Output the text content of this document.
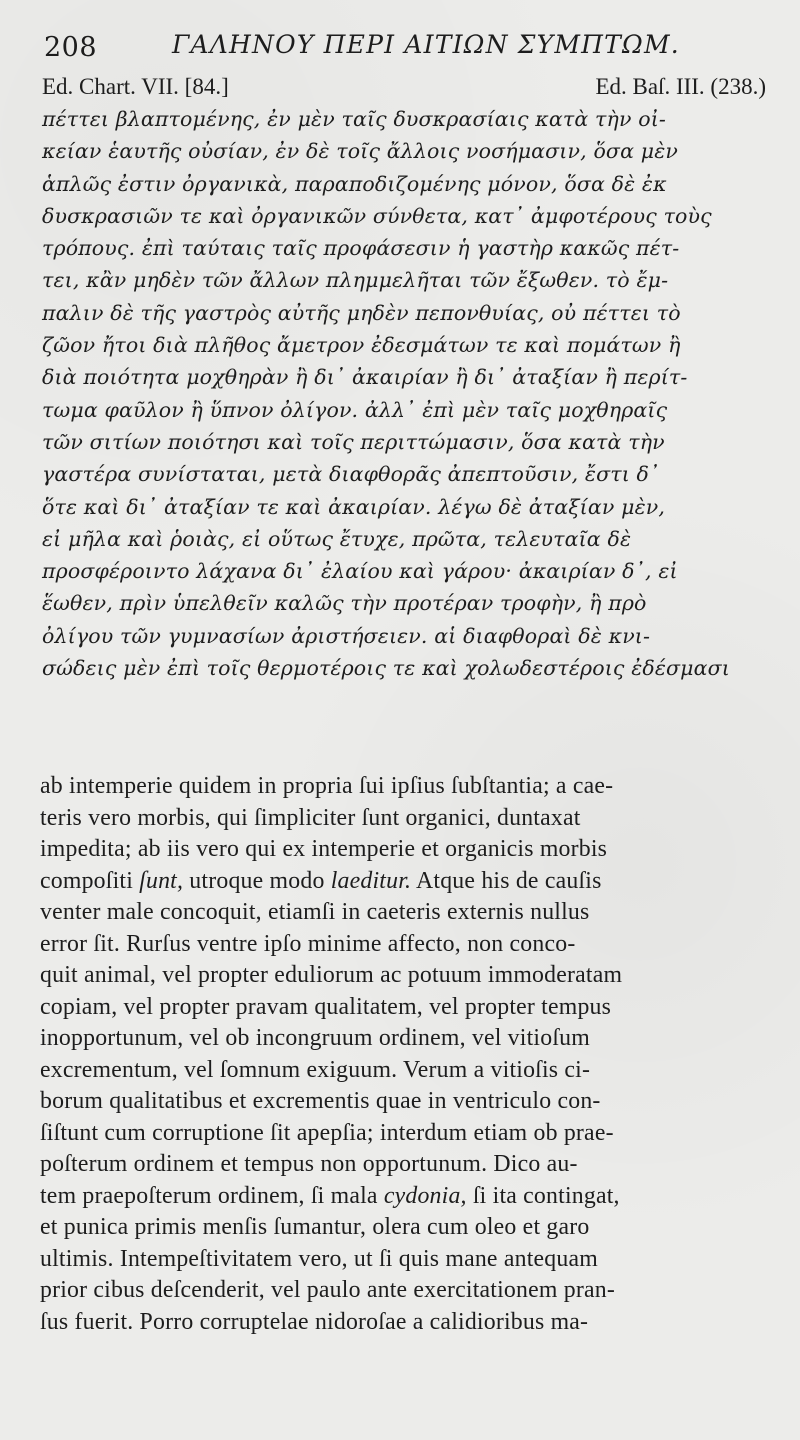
208	ΓΑΛΗΝΟΥ ΠΕΡΙ ΑΙΤΙΩΝ ΣΥΜΠΤΩΜ.
Ed. Chart. VII. [84.]	Ed. Baſ. III. (238.)
πέττει βλαπτομένης, ἐν μὲν ταῖς δυσκρασίαις κατὰ τὴν οἰ-
κείαν ἑαυτῆς οὐσίαν, ἐν δὲ τοῖς ἄλλοις νοσήμασιν, ὅσα μὲν
ἁπλῶς ἐστιν ὀργανικὰ, παραποδιζομένης μόνον, ὅσα δὲ ἐκ
δυσκρασιῶν τε καὶ ὀργανικῶν σύνθετα, κατ᾽ ἀμφοτέρους τοὺς
τρόπους. ἐπὶ ταύταις ταῖς προφάσεσιν ἡ γαστὴρ κακῶς πέτ-
τει, κἂν μηδὲν τῶν ἄλλων πλημμελῆται τῶν ἔξωθεν. τὸ ἔμ-
παλιν δὲ τῆς γαστρὸς αὐτῆς μηδὲν πεπονθυίας, οὐ πέττει τὸ
ζῶον ἤτοι διὰ πλῆθος ἄμετρον ἐδεσμάτων τε καὶ πομάτων ἢ
διὰ ποιότητα μοχθηρὰν ἢ δι᾽ ἀκαιρίαν ἢ δι᾽ ἀταξίαν ἢ περίτ-
τωμα φαῦλον ἢ ὕπνον ὀλίγον. ἀλλ᾽ ἐπὶ μὲν ταῖς μοχθηραῖς
τῶν σιτίων ποιότησι καὶ τοῖς περιττώμασιν, ὅσα κατὰ τὴν
γαστέρα συνίσταται, μετὰ διαφθορᾶς ἀπεπτοῦσιν, ἔστι δ᾽
ὅτε καὶ δι᾽ ἀταξίαν τε καὶ ἀκαιρίαν. λέγω δὲ ἀταξίαν μὲν,
εἰ μῆλα καὶ ῥοιὰς, εἰ οὕτως ἔτυχε, πρῶτα, τελευταῖα δὲ
προσφέροιντο λάχανα δι᾽ ἐλαίου καὶ γάρου· ἀκαιρίαν δ᾽, εἰ
ἕωθεν, πρὶν ὑπελθεῖν καλῶς τὴν προτέραν τροφὴν, ἢ πρὸ
ὀλίγου τῶν γυμνασίων ἀριστήσειεν. αἱ διαφθοραὶ δὲ κνι-
σώδεις μὲν ἐπὶ τοῖς θερμοτέροις τε καὶ χολωδεστέροις ἐδέσμασι
ab intemperie quidem in propria ſui ipſius ſubſtantia; a cae-
teris vero morbis, qui ſimpliciter ſunt organici, duntaxat
impedita; ab iis vero qui ex intemperie et organicis morbis
compoſiti ſunt, utroque modo laeditur. Atque his de cauſis
venter male concoquit, etiamſi in caeteris externis nullus
error ſit. Rurſus ventre ipſo minime affecto, non conco-
quit animal, vel propter eduliorum ac potuum immoderatam
copiam, vel propter pravam qualitatem, vel propter tempus
inopportunum, vel ob incongruum ordinem, vel vitioſum
excrementum, vel ſomnum exiguum. Verum a vitioſis ci-
borum qualitatibus et excrementis quae in ventriculo con-
ſiſtunt cum corruptione ſit apepſia; interdum etiam ob prae-
poſterum ordinem et tempus non opportunum. Dico au-
tem praepoſterum ordinem, ſi mala cydonia, ſi ita contingat,
et punica primis menſis ſumantur, olera cum oleo et garo
ultimis. Intempeſtivitatem vero, ut ſi quis mane antequam
prior cibus deſcenderit, vel paulo ante exercitationem pran-
ſus fuerit. Porro corruptelae nidoroſae a calidioribus ma-
